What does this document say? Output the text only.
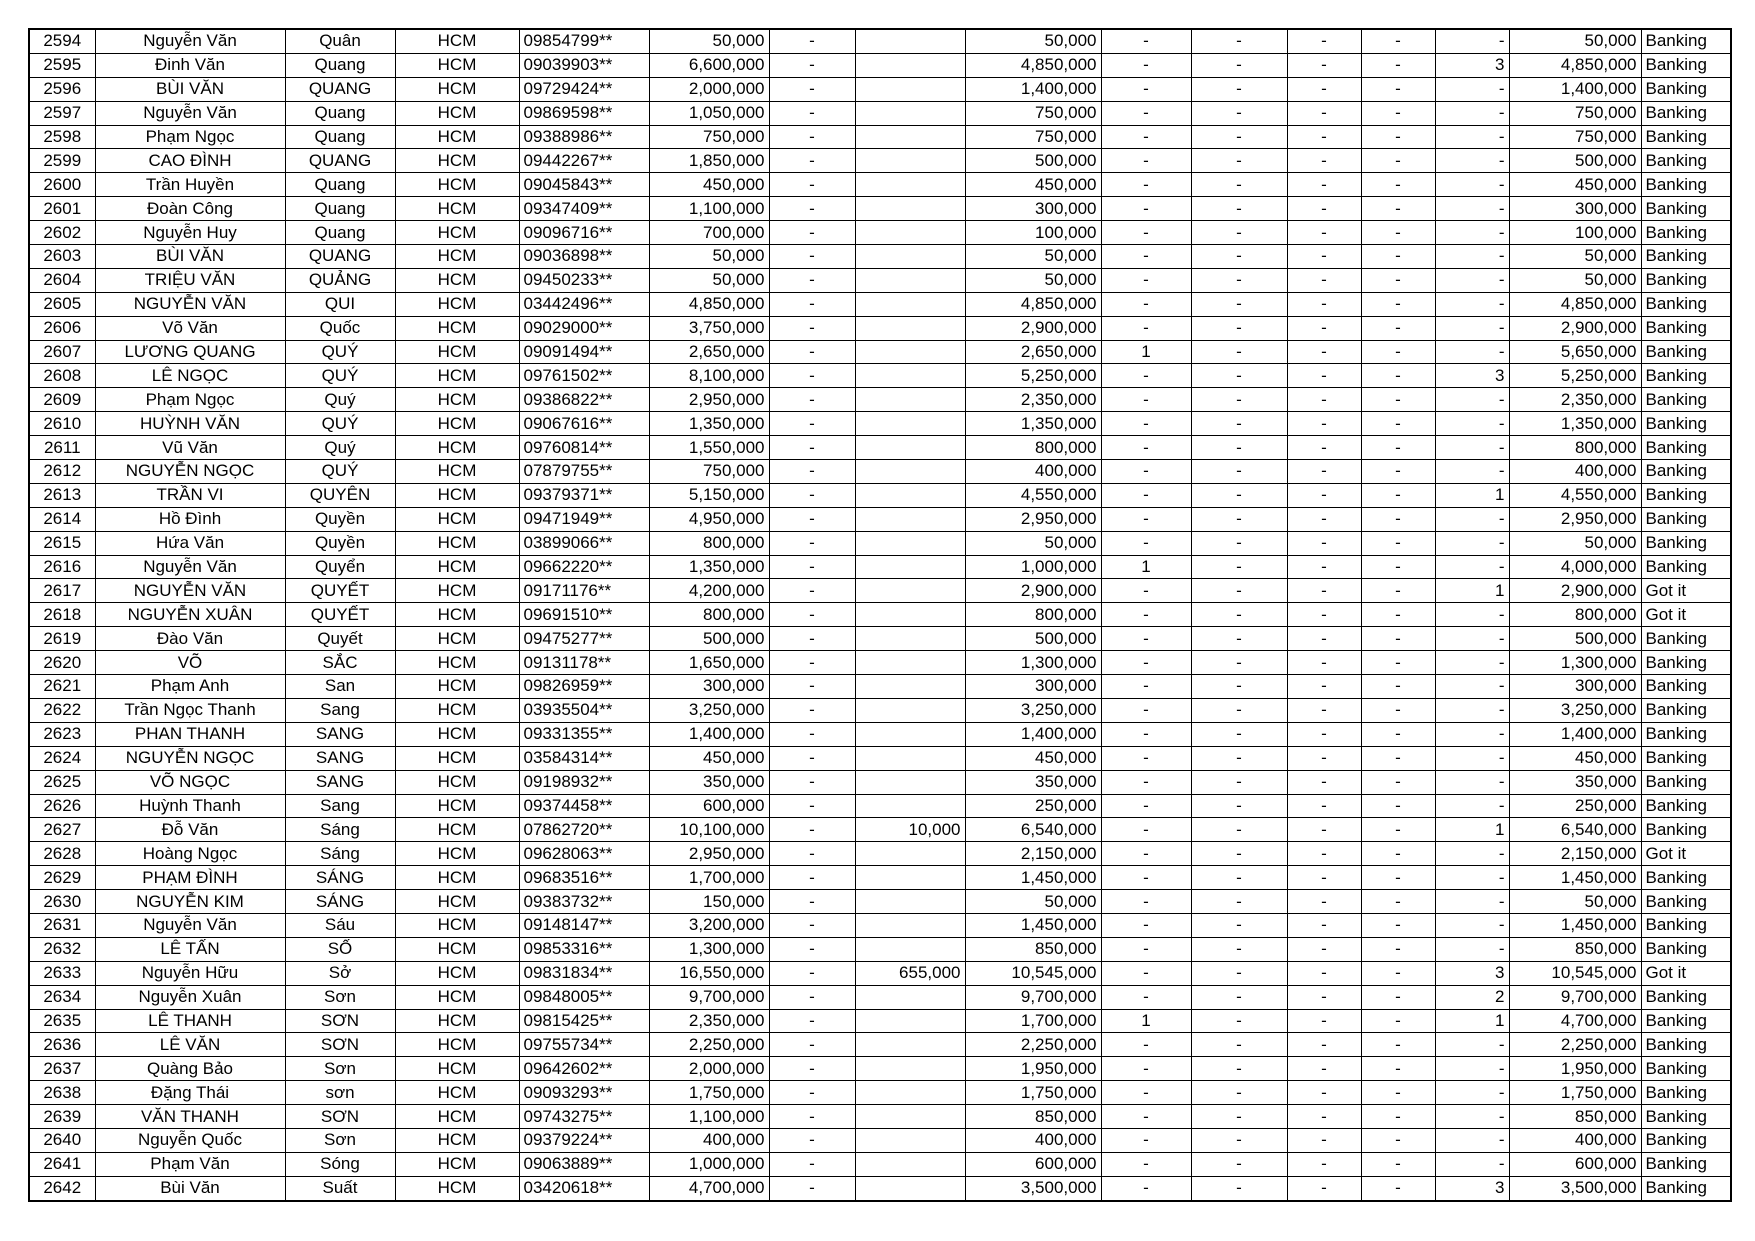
2594	Nguyễn Văn	Quân	HCM	09854799**	50,000	-		50,000	-	-	-	-	-	50,000	Banking
2595	Đinh Văn	Quang	HCM	09039903**	6,600,000	-		4,850,000	-	-	-	-	3	4,850,000	Banking
2596	BÙI VĂN	QUANG	HCM	09729424**	2,000,000	-		1,400,000	-	-	-	-	-	1,400,000	Banking
2597	Nguyễn Văn	Quang	HCM	09869598**	1,050,000	-		750,000	-	-	-	-	-	750,000	Banking
2598	Phạm Ngọc	Quang	HCM	09388986**	750,000	-		750,000	-	-	-	-	-	750,000	Banking
2599	CAO ĐÌNH	QUANG	HCM	09442267**	1,850,000	-		500,000	-	-	-	-	-	500,000	Banking
2600	Trần Huyền	Quang	HCM	09045843**	450,000	-		450,000	-	-	-	-	-	450,000	Banking
2601	Đoàn Công	Quang	HCM	09347409**	1,100,000	-		300,000	-	-	-	-	-	300,000	Banking
2602	Nguyễn Huy	Quang	HCM	09096716**	700,000	-		100,000	-	-	-	-	-	100,000	Banking
2603	BÙI VĂN	QUANG	HCM	09036898**	50,000	-		50,000	-	-	-	-	-	50,000	Banking
2604	TRIỆU VĂN	QUẢNG	HCM	09450233**	50,000	-		50,000	-	-	-	-	-	50,000	Banking
2605	NGUYỄN VĂN	QUI	HCM	03442496**	4,850,000	-		4,850,000	-	-	-	-	-	4,850,000	Banking
2606	Võ Văn	Quốc	HCM	09029000**	3,750,000	-		2,900,000	-	-	-	-	-	2,900,000	Banking
2607	LƯƠNG QUANG	QUÝ	HCM	09091494**	2,650,000	-		2,650,000	1	-	-	-	-	5,650,000	Banking
2608	LÊ NGỌC	QUÝ	HCM	09761502**	8,100,000	-		5,250,000	-	-	-	-	3	5,250,000	Banking
2609	Phạm Ngọc	Quý	HCM	09386822**	2,950,000	-		2,350,000	-	-	-	-	-	2,350,000	Banking
2610	HUỲNH VĂN	QUÝ	HCM	09067616**	1,350,000	-		1,350,000	-	-	-	-	-	1,350,000	Banking
2611	Vũ Văn	Quý	HCM	09760814**	1,550,000	-		800,000	-	-	-	-	-	800,000	Banking
2612	NGUYỄN NGỌC	QUÝ	HCM	07879755**	750,000	-		400,000	-	-	-	-	-	400,000	Banking
2613	TRẦN VI	QUYÊN	HCM	09379371**	5,150,000	-		4,550,000	-	-	-	-	1	4,550,000	Banking
2614	Hồ Đình	Quyền	HCM	09471949**	4,950,000	-		2,950,000	-	-	-	-	-	2,950,000	Banking
2615	Hứa Văn	Quyền	HCM	03899066**	800,000	-		50,000	-	-	-	-	-	50,000	Banking
2616	Nguyễn Văn	Quyển	HCM	09662220**	1,350,000	-		1,000,000	1	-	-	-	-	4,000,000	Banking
2617	NGUYỄN VĂN	QUYẾT	HCM	09171176**	4,200,000	-		2,900,000	-	-	-	-	1	2,900,000	Got it
2618	NGUYỄN XUÂN	QUYẾT	HCM	09691510**	800,000	-		800,000	-	-	-	-	-	800,000	Got it
2619	Đào Văn	Quyết	HCM	09475277**	500,000	-		500,000	-	-	-	-	-	500,000	Banking
2620	VÕ	SẮC	HCM	09131178**	1,650,000	-		1,300,000	-	-	-	-	-	1,300,000	Banking
2621	Phạm Anh	San	HCM	09826959**	300,000	-		300,000	-	-	-	-	-	300,000	Banking
2622	Trần Ngọc Thanh	Sang	HCM	03935504**	3,250,000	-		3,250,000	-	-	-	-	-	3,250,000	Banking
2623	PHAN THANH	SANG	HCM	09331355**	1,400,000	-		1,400,000	-	-	-	-	-	1,400,000	Banking
2624	NGUYỄN NGỌC	SANG	HCM	03584314**	450,000	-		450,000	-	-	-	-	-	450,000	Banking
2625	VÕ NGỌC	SANG	HCM	09198932**	350,000	-		350,000	-	-	-	-	-	350,000	Banking
2626	Huỳnh Thanh	Sang	HCM	09374458**	600,000	-		250,000	-	-	-	-	-	250,000	Banking
2627	Đỗ Văn	Sáng	HCM	07862720**	10,100,000	-	10,000	6,540,000	-	-	-	-	1	6,540,000	Banking
2628	Hoàng Ngọc	Sáng	HCM	09628063**	2,950,000	-		2,150,000	-	-	-	-	-	2,150,000	Got it
2629	PHẠM ĐÌNH	SÁNG	HCM	09683516**	1,700,000	-		1,450,000	-	-	-	-	-	1,450,000	Banking
2630	NGUYỄN KIM	SÁNG	HCM	09383732**	150,000	-		50,000	-	-	-	-	-	50,000	Banking
2631	Nguyễn Văn	Sáu	HCM	09148147**	3,200,000	-		1,450,000	-	-	-	-	-	1,450,000	Banking
2632	LÊ TẤN	SỐ	HCM	09853316**	1,300,000	-		850,000	-	-	-	-	-	850,000	Banking
2633	Nguyễn Hữu	Sở	HCM	09831834**	16,550,000	-	655,000	10,545,000	-	-	-	-	3	10,545,000	Got it
2634	Nguyễn Xuân	Sơn	HCM	09848005**	9,700,000	-		9,700,000	-	-	-	-	2	9,700,000	Banking
2635	LÊ THANH	SƠN	HCM	09815425**	2,350,000	-		1,700,000	1	-	-	-	1	4,700,000	Banking
2636	LÊ VĂN	SƠN	HCM	09755734**	2,250,000	-		2,250,000	-	-	-	-	-	2,250,000	Banking
2637	Quàng Bảo	Sơn	HCM	09642602**	2,000,000	-		1,950,000	-	-	-	-	-	1,950,000	Banking
2638	Đặng Thái	sơn	HCM	09093293**	1,750,000	-		1,750,000	-	-	-	-	-	1,750,000	Banking
2639	VĂN THANH	SƠN	HCM	09743275**	1,100,000	-		850,000	-	-	-	-	-	850,000	Banking
2640	Nguyễn Quốc	Sơn	HCM	09379224**	400,000	-		400,000	-	-	-	-	-	400,000	Banking
2641	Phạm Văn	Sóng	HCM	09063889**	1,000,000	-		600,000	-	-	-	-	-	600,000	Banking
2642	Bùi Văn	Suất	HCM	03420618**	4,700,000	-		3,500,000	-	-	-	-	3	3,500,000	Banking
